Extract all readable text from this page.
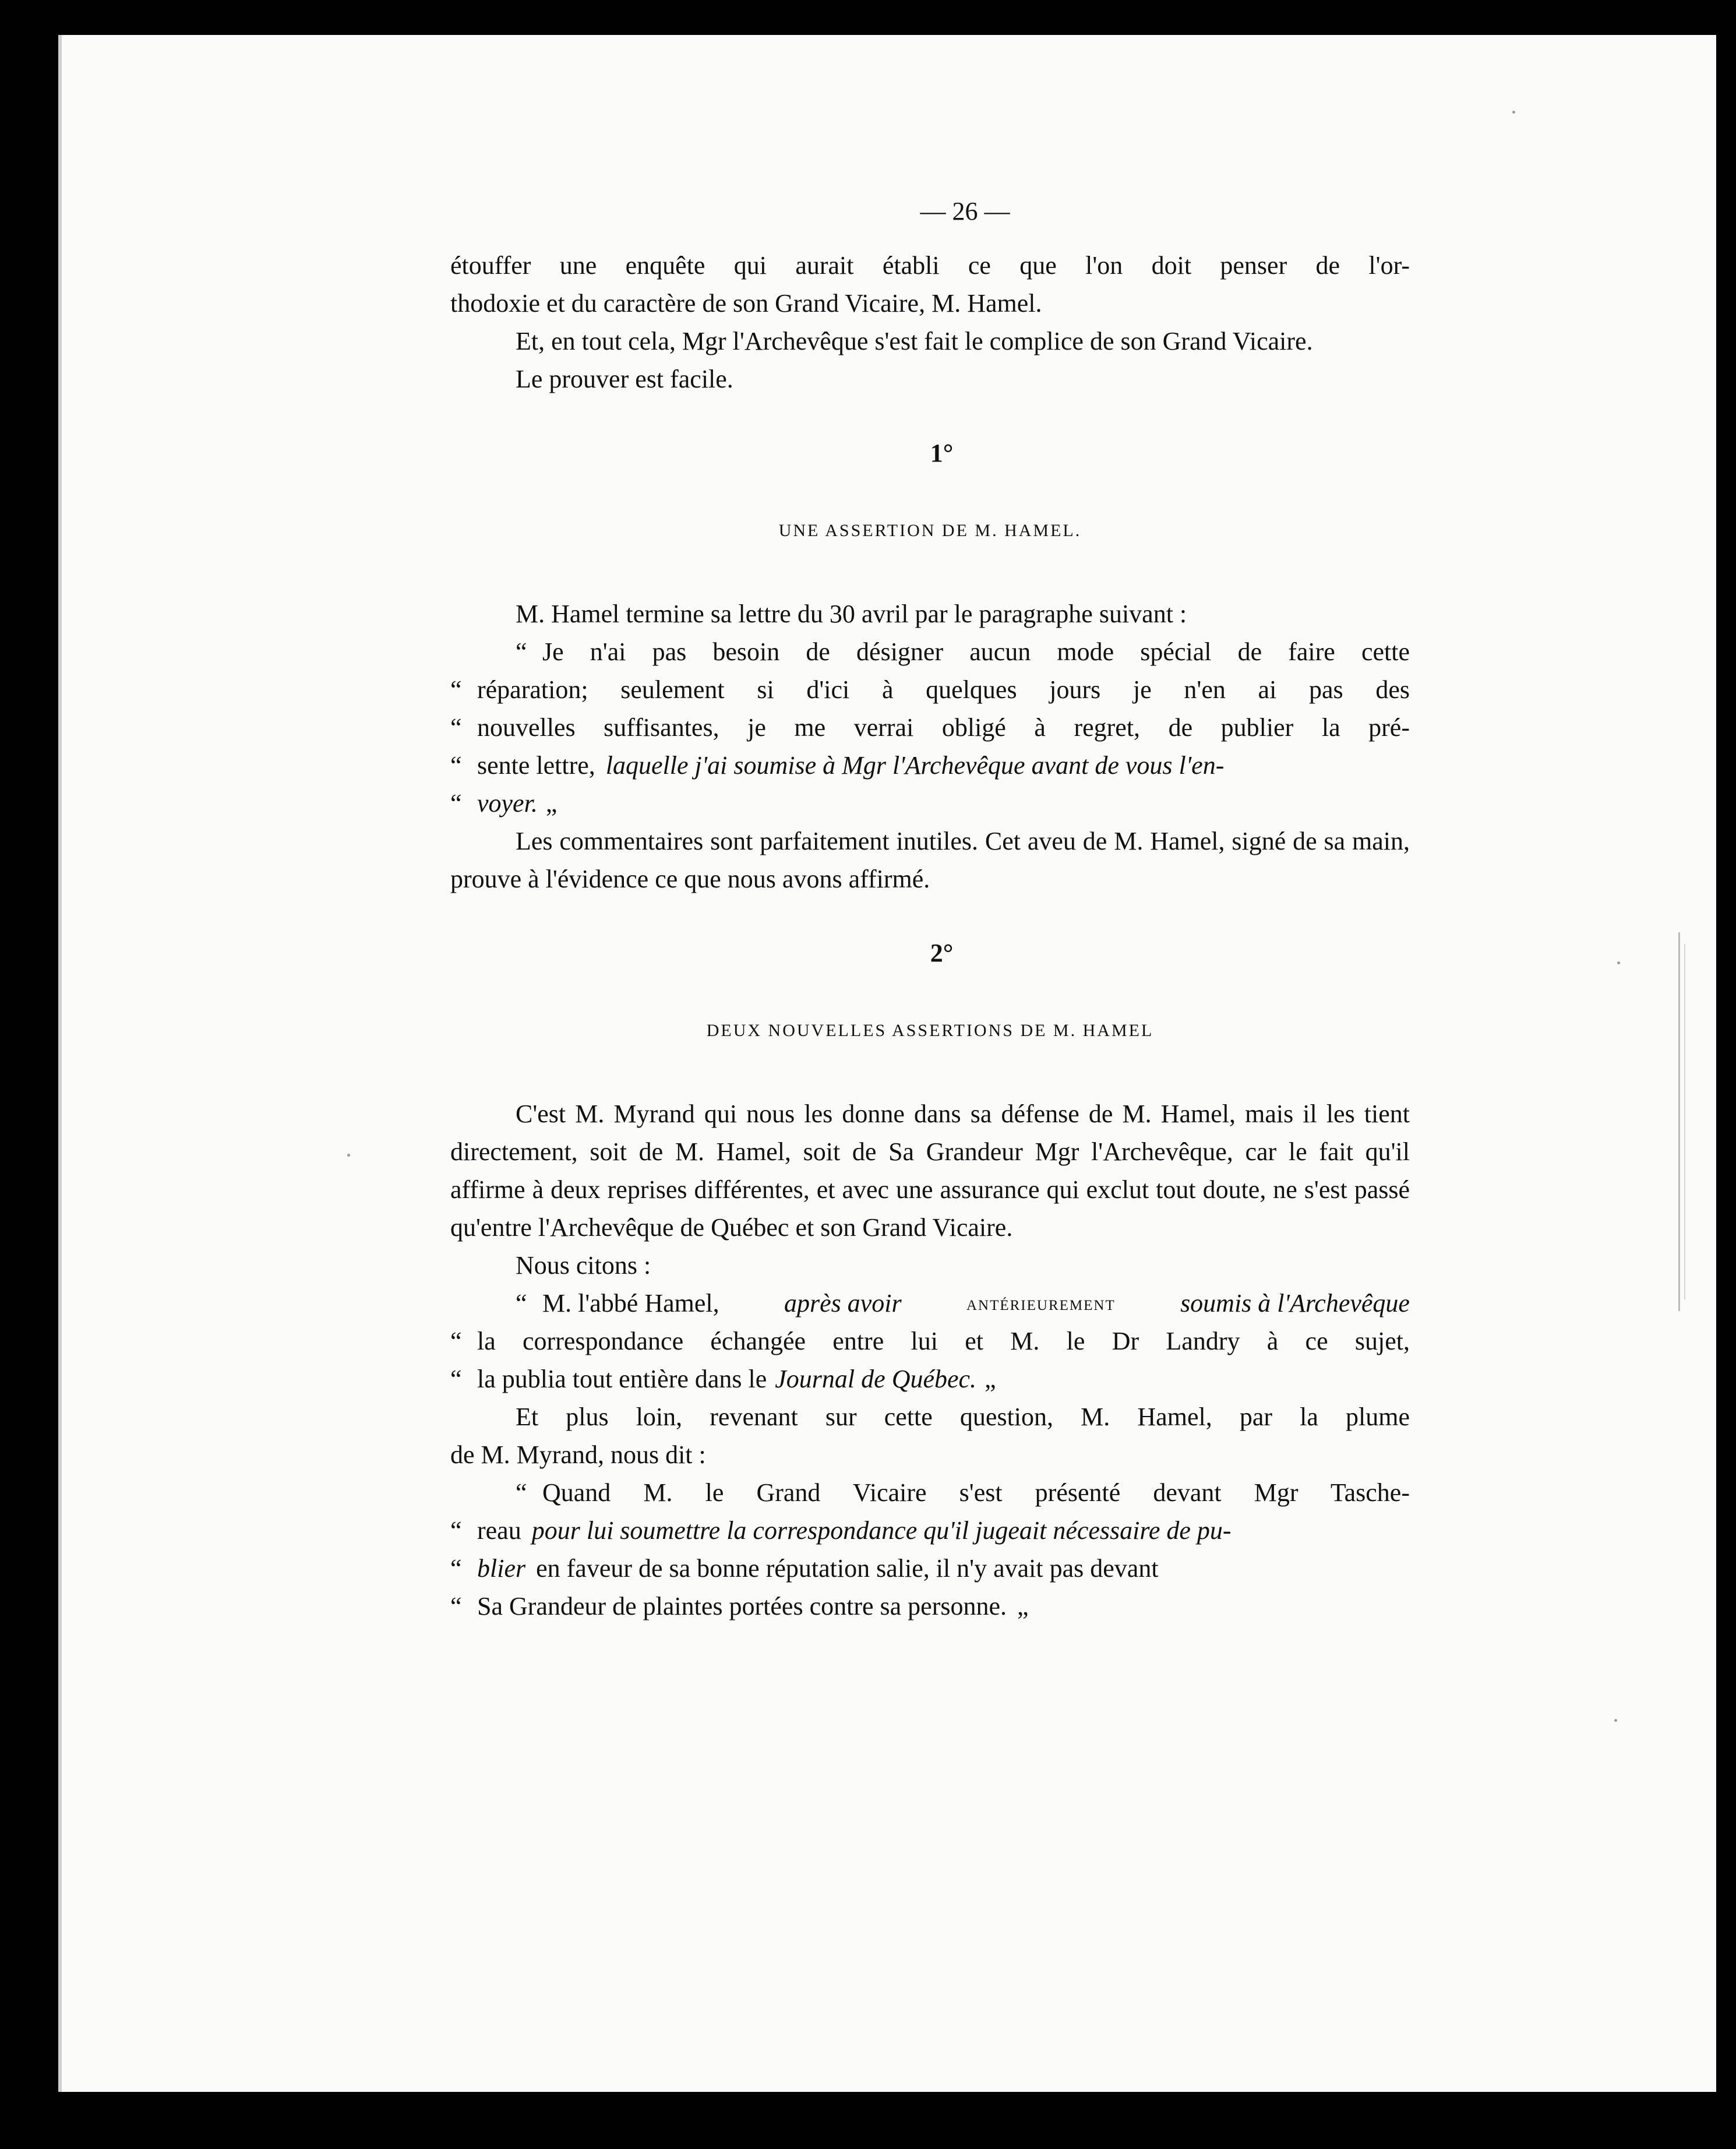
— 26 —
étouffer une enquête qui aurait établi ce que l'on doit penser de l'or-
thodoxie et du caractère de son Grand Vicaire, M. Hamel.

Et, en tout cela, Mgr l'Archevêque s'est fait le complice de son Grand Vicaire.

Le prouver est facile.

1°
UNE ASSERTION DE M. HAMEL.

M. Hamel termine sa lettre du 30 avril par le paragraphe suivant :

“ Je n'ai pas besoin de désigner aucun mode spécial de faire cette
“ réparation; seulement si d'ici à quelques jours je n'en ai pas des
“ nouvelles suffisantes, je me verrai obligé à regret, de publier la pré-
“ sente lettre, laquelle j'ai soumise à Mgr l'Archevêque avant de vous l'en-
“ voyer. „

Les commentaires sont parfaitement inutiles. Cet aveu de M. Hamel, signé de sa main, prouve à l'évidence ce que nous avons affirmé.

2°
DEUX NOUVELLES ASSERTIONS DE M. HAMEL

C'est M. Myrand qui nous les donne dans sa défense de M. Hamel, mais il les tient directement, soit de M. Hamel, soit de Sa Grandeur Mgr l'Archevêque, car le fait qu'il affirme à deux reprises différentes, et avec une assurance qui exclut tout doute, ne s'est passé qu'entre l'Archevêque de Québec et son Grand Vicaire.

Nous citons :

“ M. l'abbé Hamel,	après avoir	antérieurement	soumis à l'Archevêque
“ la correspondance échangée entre lui et M. le Dr Landry à ce sujet,
“ la publia tout entière dans le Journal de Québec. „
Et plus loin, revenant sur cette question, M. Hamel, par la plume
de M. Myrand, nous dit :
“ Quand M. le Grand Vicaire s'est présenté devant Mgr Tasche-
“ reau pour lui soumettre la correspondance qu'il jugeait nécessaire de pu-
“ blier en faveur de sa bonne réputation salie, il n'y avait pas devant
“ Sa Grandeur de plaintes portées contre sa personne. „
